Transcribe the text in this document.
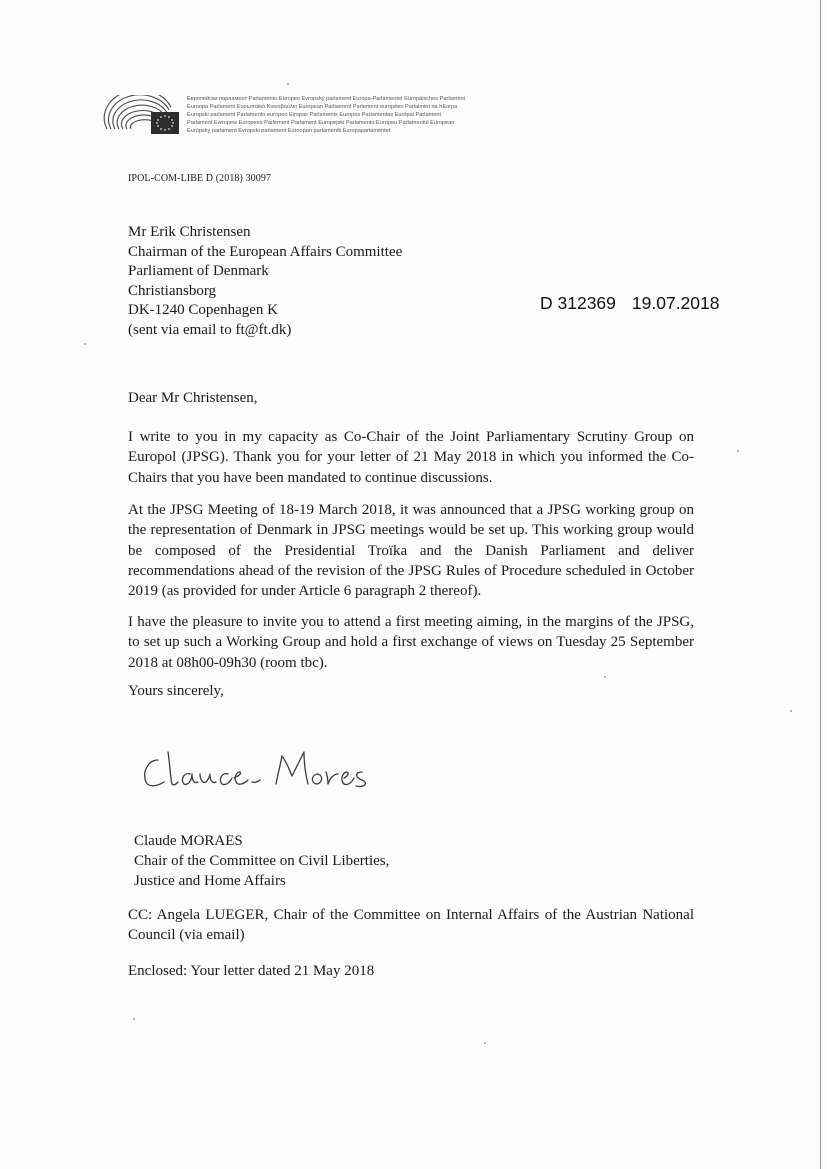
Европейски парламент Parlamento Europeo Evropský parlament Europa-Parlamentet Europäisches Parlament
Euroopa Parlament Ευρωπαϊκό Κοινοβούλιο European Parliament Parlement européen Parlaimint na hEorpa
Europski parlament Parlamento europeo Eiropas Parlaments Europos Parlamentas Európai Parlament
Parlament Ewropew Europees Parlement Parlament Europejski Parlamento Europeu Parlamentul European
Európsky parlament Evropski parlament Euroopan parlamentti Europaparlamentet
IPOL-COM-LIBE D (2018) 30097
Mr Erik Christensen
Chairman of the European Affairs Committee
Parliament of Denmark
Christiansborg
DK-1240 Copenhagen K
(sent via email to ft@ft.dk)
D 312369 19.07.2018
Dear Mr Christensen,
I write to you in my capacity as Co-Chair of the Joint Parliamentary Scrutiny Group on Europol (JPSG). Thank you for your letter of 21 May 2018 in which you informed the Co-Chairs that you have been mandated to continue discussions.
At the JPSG Meeting of 18-19 March 2018, it was announced that a JPSG working group on the representation of Denmark in JPSG meetings would be set up. This working group would be composed of the Presidential Troïka and the Danish Parliament and deliver recommendations ahead of the revision of the JPSG Rules of Procedure scheduled in October 2019 (as provided for under Article 6 paragraph 2 thereof).
I have the pleasure to invite you to attend a first meeting aiming, in the margins of the JPSG, to set up such a Working Group and hold a first exchange of views on Tuesday 25 September 2018 at 08h00-09h30 (room tbc).
Yours sincerely,
Claude MORAES
Chair of the Committee on Civil Liberties,
Justice and Home Affairs
CC: Angela LUEGER, Chair of the Committee on Internal Affairs of the Austrian National Council (via email)
Enclosed: Your letter dated 21 May 2018
